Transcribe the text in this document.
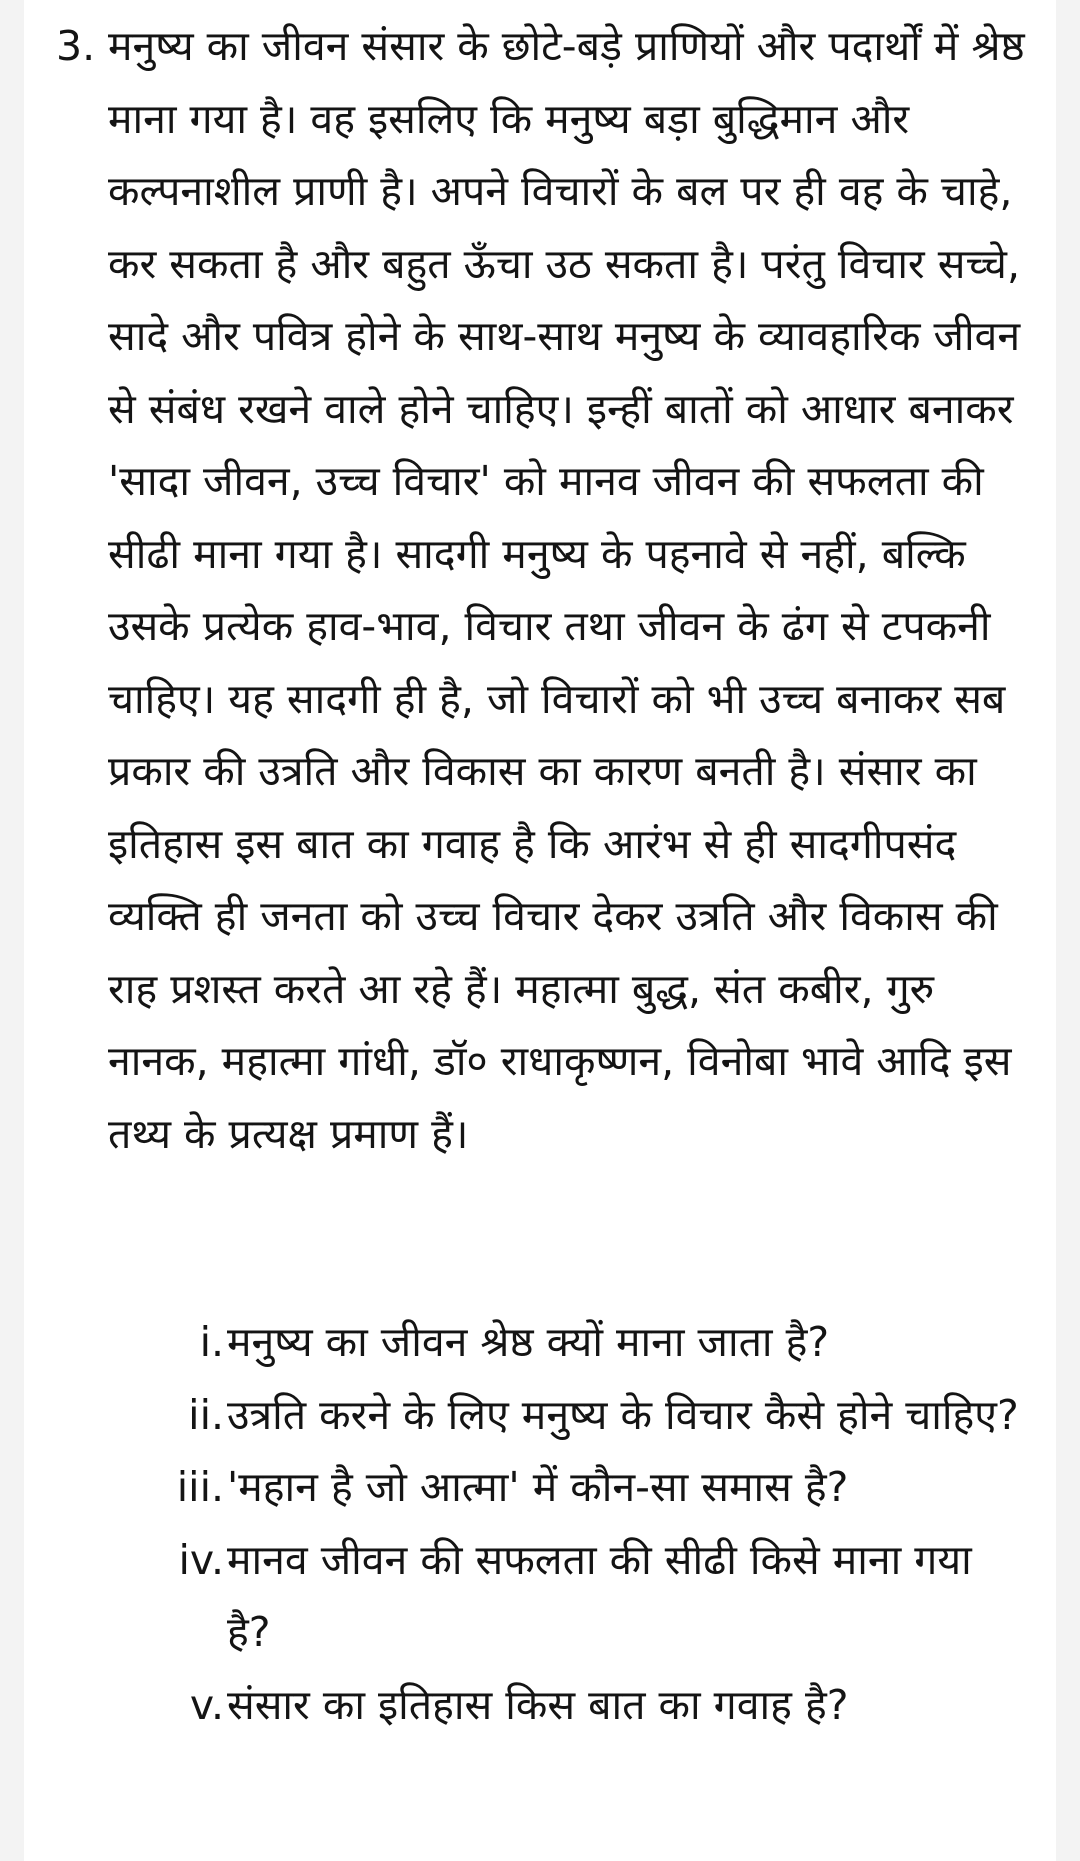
3. मनुष्य का जीवन संसार के छोटे-बड़े प्राणियों और पदार्थों में श्रेष्ठ माना गया है। वह इसलिए कि मनुष्य बड़ा बुद्धिमान और कल्पनाशील प्राणी है। अपने विचारों के बल पर ही वह के चाहे, कर सकता है और बहुत ऊँचा उठ सकता है। परंतु विचार सच्चे, सादे और पवित्र होने के साथ-साथ मनुष्य के व्यावहारिक जीवन से संबंध रखने वाले होने चाहिए। इन्हीं बातों को आधार बनाकर 'सादा जीवन, उच्च विचार' को मानव जीवन की सफलता की सीढी माना गया है। सादगी मनुष्य के पहनावे से नहीं, बल्कि उसके प्रत्येक हाव-भाव, विचार तथा जीवन के ढंग से टपकनी चाहिए। यह सादगी ही है, जो विचारों को भी उच्च बनाकर सब प्रकार की उत्रति और विकास का कारण बनती है। संसार का इतिहास इस बात का गवाह है कि आरंभ से ही सादगीपसंद व्यक्ति ही जनता को उच्च विचार देकर उत्रति और विकास की राह प्रशस्त करते आ रहे हैं। महात्मा बुद्ध, संत कबीर, गुरु नानक, महात्मा गांधी, डॉ० राधाकृष्णन, विनोबा भावे आदि इस तथ्य के प्रत्यक्ष प्रमाण हैं।

i. मनुष्य का जीवन श्रेष्ठ क्यों माना जाता है?
ii. उत्रति करने के लिए मनुष्य के विचार कैसे होने चाहिए?
iii. 'महान है जो आत्मा' में कौन-सा समास है?
iv. मानव जीवन की सफलता की सीढी किसे माना गया है?
v. संसार का इतिहास किस बात का गवाह है?
